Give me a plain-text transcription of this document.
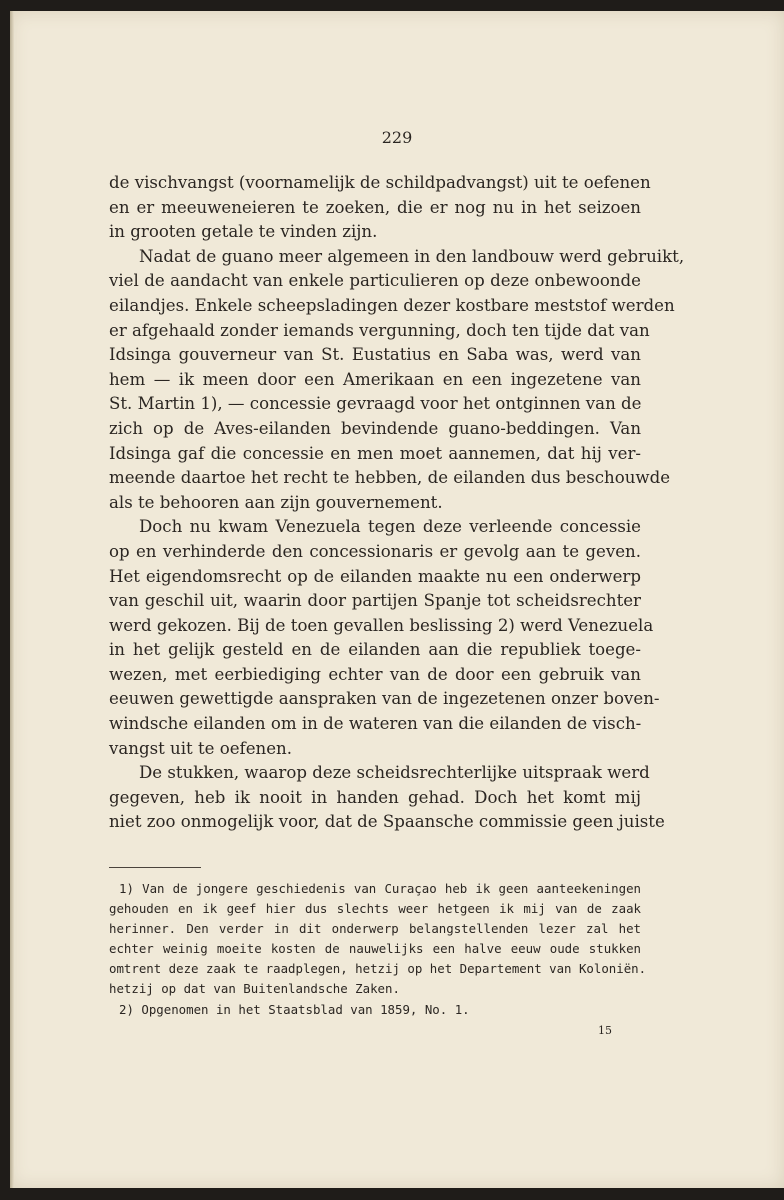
229
de vischvangst (voornamelijk de schildpadvangst) uit te oefenen
en er meeuweneieren te zoeken, die er nog nu in het seizoen
in grooten getale te vinden zijn.
Nadat de guano meer algemeen in den landbouw werd gebruikt,
viel de aandacht van enkele particulieren op deze onbewoonde
eilandjes. Enkele scheepsladingen dezer kostbare meststof werden
er afgehaald zonder iemands vergunning, doch ten tijde dat van
Idsinga gouverneur van St. Eustatius en Saba was, werd van
hem — ik meen door een Amerikaan en een ingezetene van
St. Martin 1), — concessie gevraagd voor het ontginnen van de
zich op de Aves-eilanden bevindende guano-beddingen. Van
Idsinga gaf die concessie en men moet aannemen, dat hij ver-
meende daartoe het recht te hebben, de eilanden dus beschouwde
als te behooren aan zijn gouvernement.
Doch nu kwam Venezuela tegen deze verleende concessie
op en verhinderde den concessionaris er gevolg aan te geven.
Het eigendomsrecht op de eilanden maakte nu een onderwerp
van geschil uit, waarin door partijen Spanje tot scheidsrechter
werd gekozen. Bij de toen gevallen beslissing 2) werd Venezuela
in het gelijk gesteld en de eilanden aan die republiek toege-
wezen, met eerbiediging echter van de door een gebruik van
eeuwen gewettigde aanspraken van de ingezetenen onzer boven-
windsche eilanden om in de wateren van die eilanden de visch-
vangst uit te oefenen.
De stukken, waarop deze scheidsrechterlijke uitspraak werd
gegeven, heb ik nooit in handen gehad. Doch het komt mij
niet zoo onmogelijk voor, dat de Spaansche commissie geen juiste
1) Van de jongere geschiedenis van Curaçao heb ik geen aanteekeningen
gehouden en ik geef hier dus slechts weer hetgeen ik mij van de zaak
herinner. Den verder in dit onderwerp belangstellenden lezer zal het
echter weinig moeite kosten de nauwelijks een halve eeuw oude stukken
omtrent deze zaak te raadplegen, hetzij op het Departement van Koloniën.
hetzij op dat van Buitenlandsche Zaken.
2) Opgenomen in het Staatsblad van 1859, No. 1.
15
